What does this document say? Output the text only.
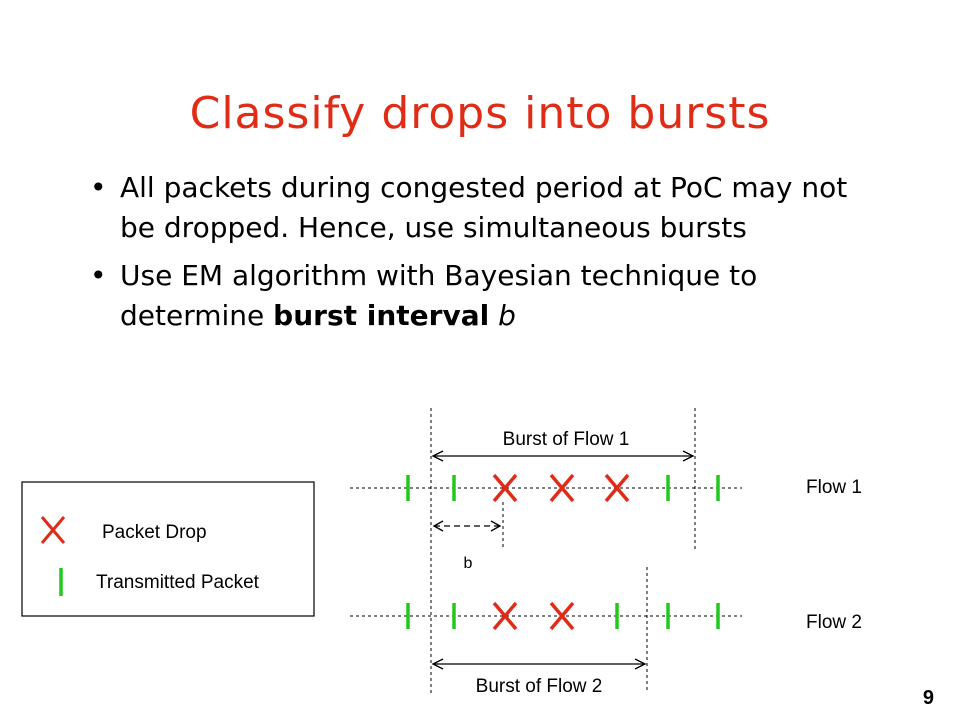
Classify drops into bursts
• All packets during congested period at PoC may not be dropped. Hence, use simultaneous bursts
• Use EM algorithm with Bayesian technique to determine burst interval b
Packet Drop
Transmitted Packet
Burst of Flow 1
Flow 1
Flow 2
b
Burst of Flow 2
9
